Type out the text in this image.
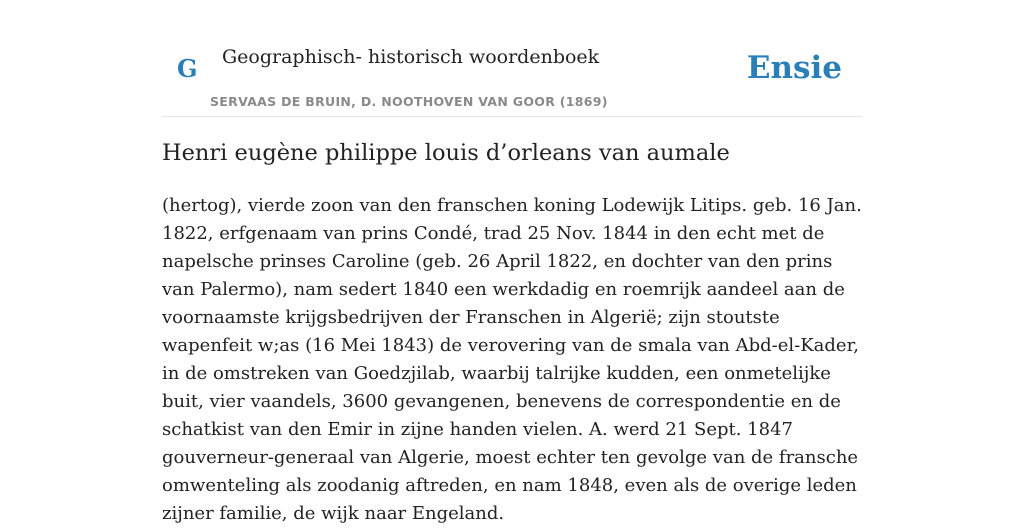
G Geographisch- historisch woordenboek
SERVAAS DE BRUIN, D. NOOTHOVEN VAN GOOR (1869)
Ensie
Henri eugène philippe louis d’orleans van aumale

(hertog), vierde zoon van den franschen koning Lodewijk Litips. geb. 16 Jan. 1822, erfgenaam van prins Condé, trad 25 Nov. 1844 in den echt met de napelsche prinses Caroline (geb. 26 April 1822, en dochter van den prins van Palermo), nam sedert 1840 een werkdadig en roemrijk aandeel aan de voornaamste krijgsbedrijven der Franschen in Algerië; zijn stoutste wapenfeit w;as (16 Mei 1843) de verovering van de smala van Abd-el-Kader, in de omstreken van Goedzjilab, waarbij talrijke kudden, een onmetelijke buit, vier vaandels, 3600 gevangenen, benevens de correspondentie en de schatkist van den Emir in zijne handen vielen. A. werd 21 Sept. 1847 gouverneur-generaal van Algerie, moest echter ten gevolge van de fransche omwenteling als zoodanig aftreden, en nam 1848, even als de overige leden zijner familie, de wijk naar Engeland.
